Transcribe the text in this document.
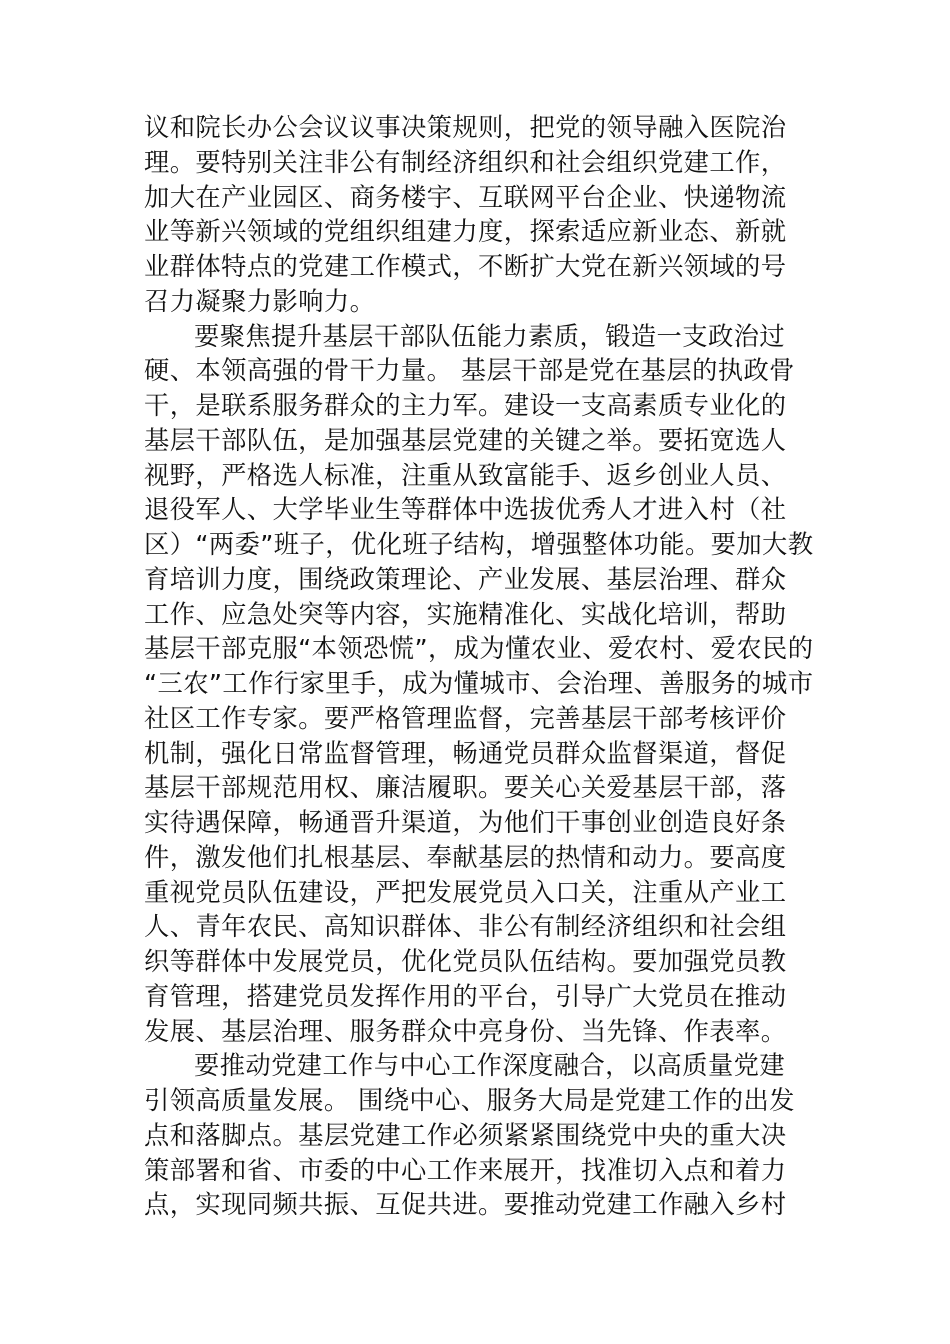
议和院长办公会议议事决策规则，把党的领导融入医院治
理。要特别关注非公有制经济组织和社会组织党建工作，
加大在产业园区、商务楼宇、互联网平台企业、快递物流
业等新兴领域的党组织组建力度，探索适应新业态、新就
业群体特点的党建工作模式，不断扩大党在新兴领域的号
召力凝聚力影响力。
要聚焦提升基层干部队伍能力素质，锻造一支政治过
硬、本领高强的骨干力量。 基层干部是党在基层的执政骨
干，是联系服务群众的主力军。建设一支高素质专业化的
基层干部队伍，是加强基层党建的关键之举。要拓宽选人
视野，严格选人标准，注重从致富能手、返乡创业人员、
退役军人、大学毕业生等群体中选拔优秀人才进入村（社
区）“两委”班子，优化班子结构，增强整体功能。要加大教
育培训力度，围绕政策理论、产业发展、基层治理、群众
工作、应急处突等内容，实施精准化、实战化培训，帮助
基层干部克服“本领恐慌”，成为懂农业、爱农村、爱农民的
“三农”工作行家里手，成为懂城市、会治理、善服务的城市
社区工作专家。要严格管理监督，完善基层干部考核评价
机制，强化日常监督管理，畅通党员群众监督渠道，督促
基层干部规范用权、廉洁履职。要关心关爱基层干部，落
实待遇保障，畅通晋升渠道，为他们干事创业创造良好条
件，激发他们扎根基层、奉献基层的热情和动力。要高度
重视党员队伍建设，严把发展党员入口关，注重从产业工
人、青年农民、高知识群体、非公有制经济组织和社会组
织等群体中发展党员，优化党员队伍结构。要加强党员教
育管理，搭建党员发挥作用的平台，引导广大党员在推动
发展、基层治理、服务群众中亮身份、当先锋、作表率。
要推动党建工作与中心工作深度融合，以高质量党建
引领高质量发展。 围绕中心、服务大局是党建工作的出发
点和落脚点。基层党建工作必须紧紧围绕党中央的重大决
策部署和省、市委的中心工作来展开，找准切入点和着力
点，实现同频共振、互促共进。要推动党建工作融入乡村
